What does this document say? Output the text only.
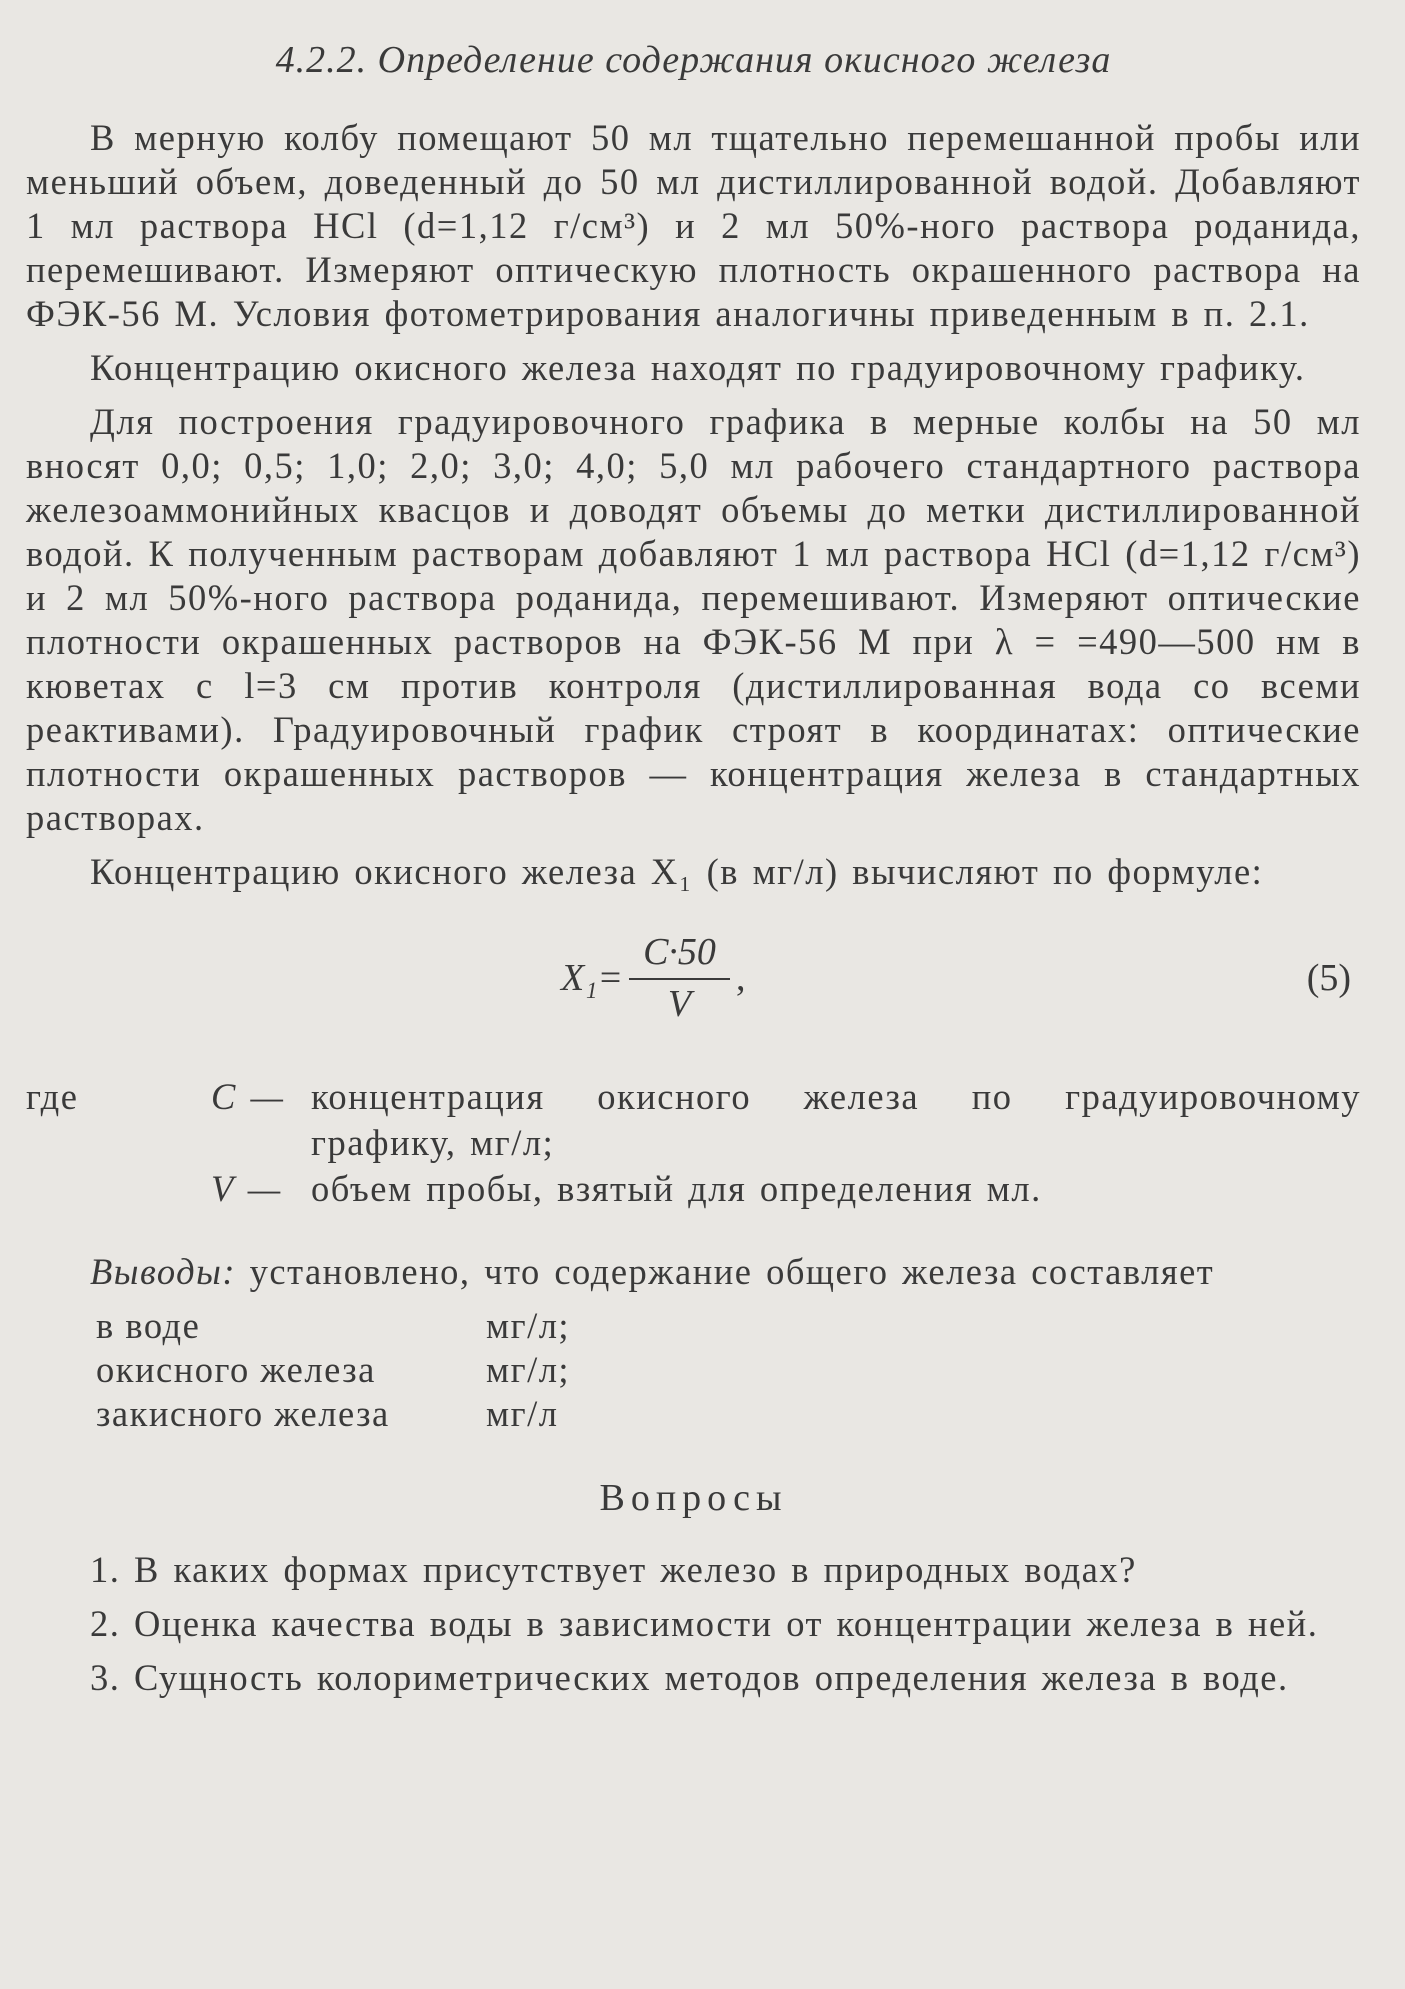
4.2.2. Определение содержания окисного железа

В мерную колбу помещают 50 мл тщательно перемешанной пробы или меньший объем, доведенный до 50 мл дистиллированной водой. Добавляют 1 мл раствора HCl (d=1,12 г/см³) и 2 мл 50%-ного раствора роданида, перемешивают. Измеряют оптическую плотность окрашенного раствора на ФЭК-56 М. Условия фотометрирования аналогичны приведенным в п. 2.1.

Концентрацию окисного железа находят по градуировочному графику.

Для построения градуировочного графика в мерные колбы на 50 мл вносят 0,0; 0,5; 1,0; 2,0; 3,0; 4,0; 5,0 мл рабочего стандартного раствора железоаммонийных квасцов и доводят объемы до метки дистиллированной водой. К полученным растворам добавляют 1 мл раствора HCl (d=1,12 г/см³) и 2 мл 50%-ного раствора роданида, перемешивают. Измеряют оптические плотности окрашенных растворов на ФЭК-56 М при λ = =490—500 нм в кюветах с l=3 см против контроля (дистиллированная вода со всеми реактивами). Градуировочный график строят в координатах: оптические плотности окрашенных растворов — концентрация железа в стандартных растворах.

Концентрацию окисного железа X₁ (в мг/л) вычисляют по формуле:

$X_1= \frac{C\cdot 50}{V}$ ,	(5)
где	C — концентрация окисного железа по градуировочному графику, мг/л;
V — объем пробы, взятый для определения мл.

Выводы: установлено, что содержание общего железа составляет

в воде	мг/л;
окисного железа	мг/л;
закисного железа	мг/л
Вопросы

1. В каких формах присутствует железо в природных водах?

2. Оценка качества воды в зависимости от концентрации железа в ней.

3. Сущность колориметрических методов определения железа в воде.
